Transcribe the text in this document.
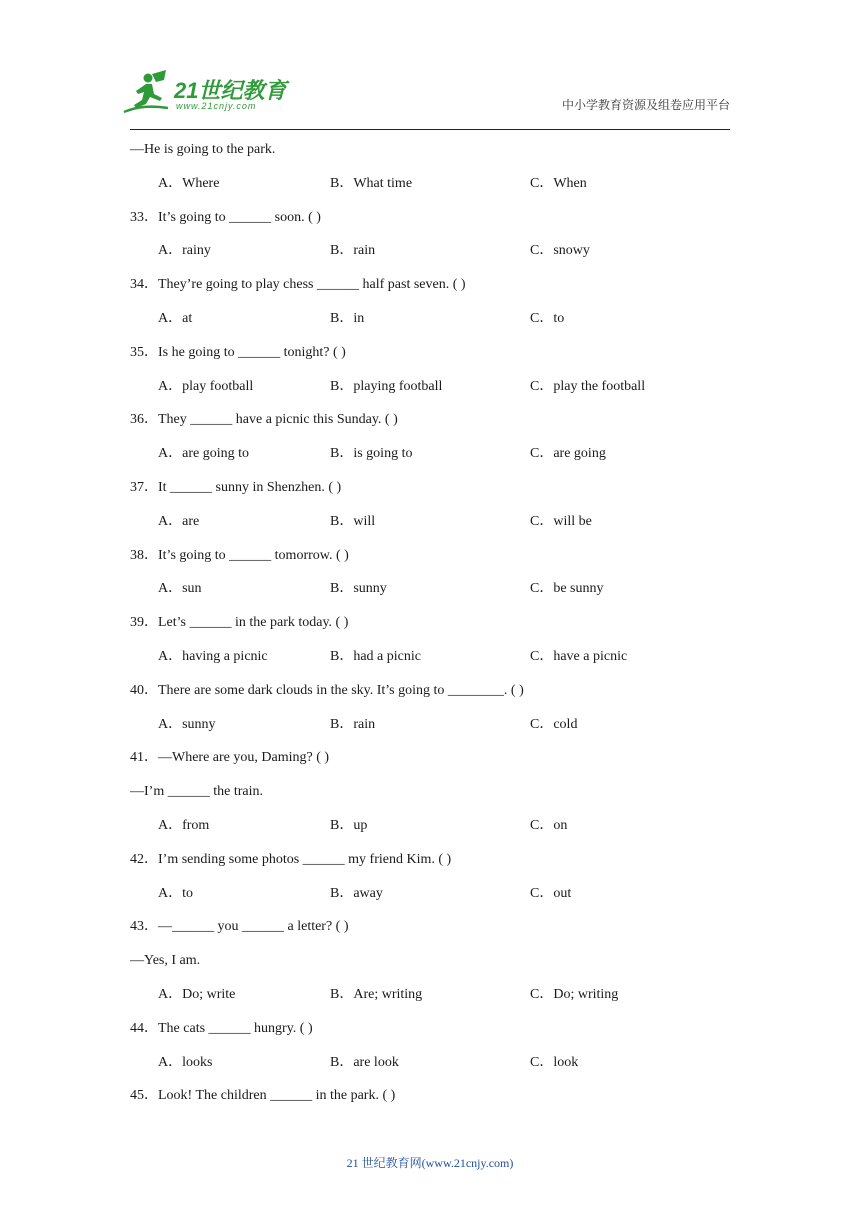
21世纪教育
www.21cnjy.com	中小学教育资源及组卷应用平台
—He is going to the park.
A．Where	B．What time	C．When
33．It’s going to ______ soon. ( )
A．rainy	B．rain	C．snowy
34．They’re going to play chess ______ half past seven. ( )
A．at	B．in	C．to
35．Is he going to ______ tonight? ( )
A．play football	B．playing football	C．play the football
36．They ______ have a picnic this Sunday. ( )
A．are going to	B．is going to	C．are going
37．It ______ sunny in Shenzhen. ( )
A．are	B．will	C．will be
38．It’s going to ______ tomorrow. ( )
A．sun	B．sunny	C．be sunny
39．Let’s ______ in the park today. ( )
A．having a picnic	B．had a picnic	C．have a picnic
40．There are some dark clouds in the sky. It’s going to ________. ( )
A．sunny	B．rain	C．cold
41．—Where are you, Daming? ( )
—I’m ______ the train.
A．from	B．up	C．on
42．I’m sending some photos ______ my friend Kim. ( )
A．to	B．away	C．out
43．—______ you ______ a letter? ( )
—Yes, I am.
A．Do; write	B．Are; writing	C．Do; writing
44．The cats ______ hungry. ( )
A．looks	B．are look	C．look
45．Look! The children ______ in the park. ( )
21 世纪教育网(www.21cnjy.com)
